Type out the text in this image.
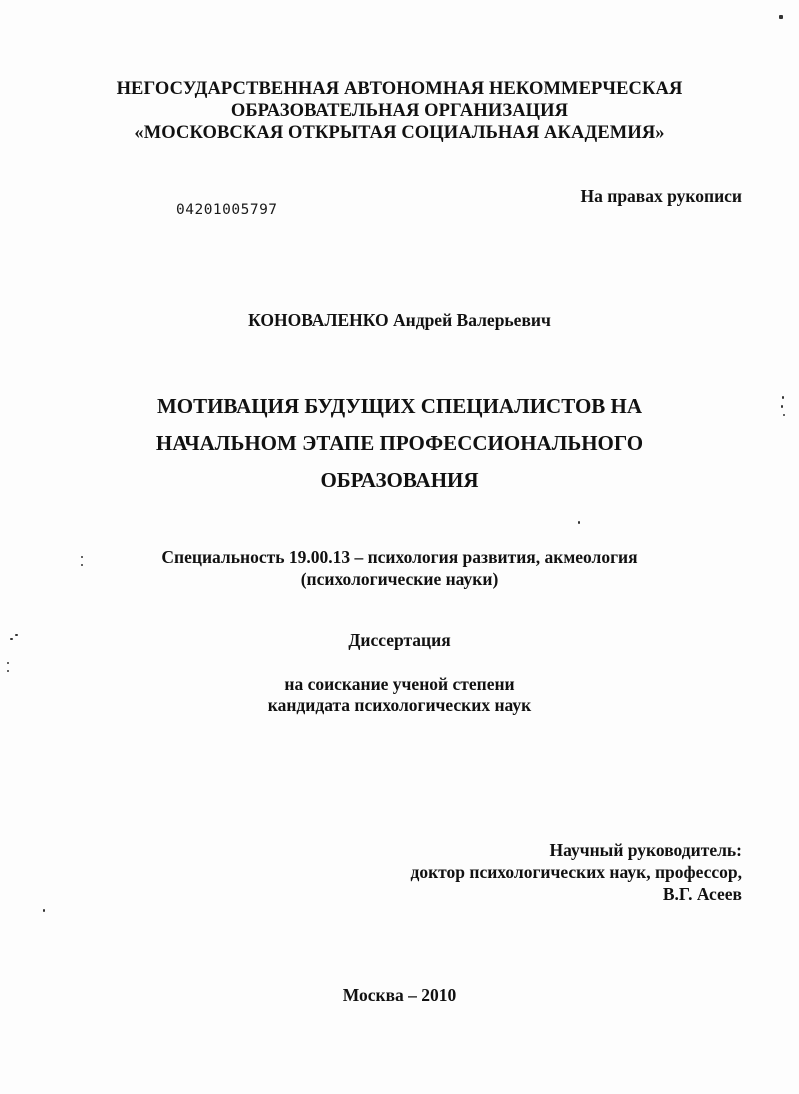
НЕГОСУДАРСТВЕННАЯ АВТОНОМНАЯ НЕКОММЕРЧЕСКАЯ
ОБРАЗОВАТЕЛЬНАЯ ОРГАНИЗАЦИЯ
«МОСКОВСКАЯ ОТКРЫТАЯ СОЦИАЛЬНАЯ АКАДЕМИЯ»
На правах рукописи
04201005797
КОНОВАЛЕНКО Андрей Валерьевич
МОТИВАЦИЯ БУДУЩИХ СПЕЦИАЛИСТОВ НА
НАЧАЛЬНОМ ЭТАПЕ ПРОФЕССИОНАЛЬНОГО
ОБРАЗОВАНИЯ
Специальность 19.00.13 – психология развития, акмеология
(психологические науки)
Диссертация
на соискание ученой степени
кандидата психологических наук
Научный руководитель:
доктор психологических наук, профессор,
В.Г. Асеев
Москва – 2010
